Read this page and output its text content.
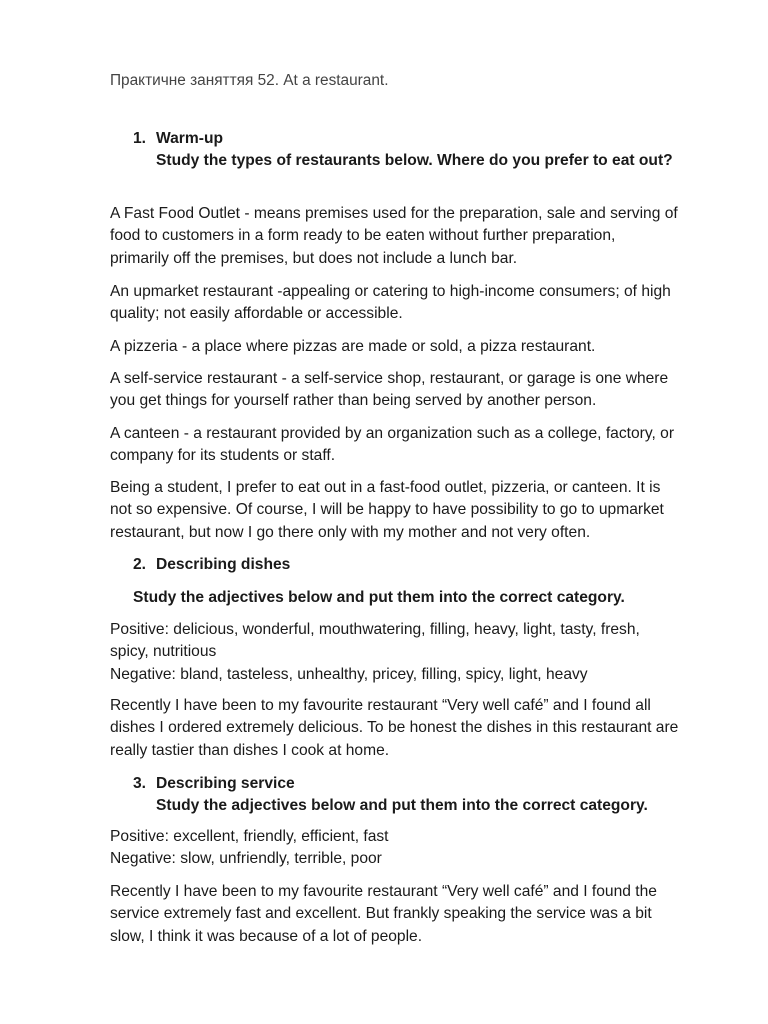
Практичне заняттяя 52. At a restaurant.
1. Warm-up
Study the types of restaurants below. Where do you prefer to eat out?

A Fast Food Outlet - means premises used for the preparation, sale and serving of
food to customers in a form ready to be eaten without further preparation,
primarily off the premises, but does not include a lunch bar.

An upmarket restaurant -appealing or catering to high-income consumers; of high
quality; not easily affordable or accessible.

A pizzeria - a place where pizzas are made or sold, a pizza restaurant.

A self-service restaurant - a self-service shop, restaurant, or garage is one where
you get things for yourself rather than being served by another person.

A canteen - a restaurant provided by an organization such as a college, factory, or
company for its students or staff.

Being a student, I prefer to eat out in a fast-food outlet, pizzeria, or canteen. It is
not so expensive. Of course, I will be happy to have possibility to go to upmarket
restaurant, but now I go there only with my mother and not very often.

2. Describing dishes
Study the adjectives below and put them into the correct category.

Positive: delicious, wonderful, mouthwatering, filling, heavy, light, tasty, fresh,
spicy, nutritious
Negative: bland, tasteless, unhealthy, pricey, filling, spicy, light, heavy

Recently I have been to my favourite restaurant “Very well café” and I found all
dishes I ordered extremely delicious. To be honest the dishes in this restaurant are
really tastier than dishes I cook at home.

3. Describing service
Study the adjectives below and put them into the correct category.

Positive: excellent, friendly, efficient, fast
Negative: slow, unfriendly, terrible, poor

Recently I have been to my favourite restaurant “Very well café” and I found the
service extremely fast and excellent. But frankly speaking the service was a bit
slow, I think it was because of a lot of people.
